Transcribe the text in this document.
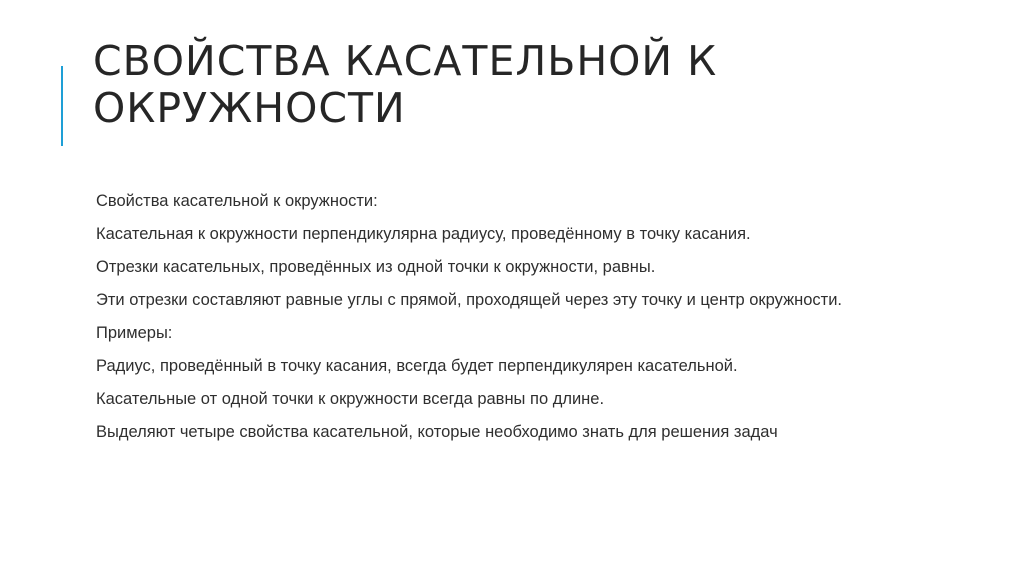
СВОЙСТВА КАСАТЕЛЬНОЙ К
ОКРУЖНОСТИ
Свойства касательной к окружности:
Касательная к окружности перпендикулярна радиусу, проведённому в точку касания.
Отрезки касательных, проведённых из одной точки к окружности, равны.
Эти отрезки составляют равные углы с прямой, проходящей через эту точку и центр окружности.
Примеры:
Радиус, проведённый в точку касания, всегда будет перпендикулярен касательной.
Касательные от одной точки к окружности всегда равны по длине.
Выделяют четыре свойства касательной, которые необходимо знать для решения задач
